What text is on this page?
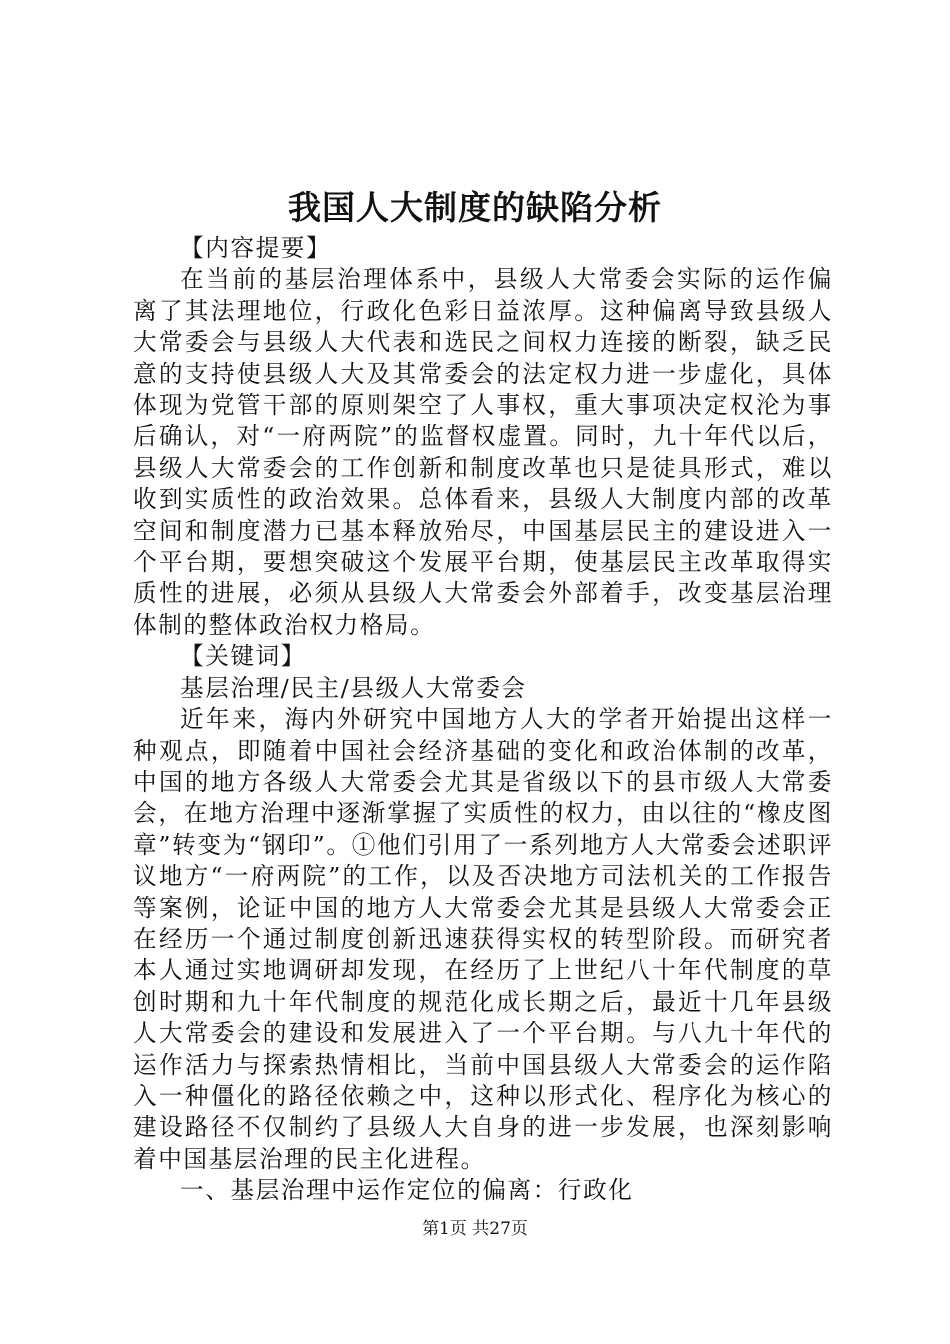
我国人大制度的缺陷分析

【内容提要】

在当前的基层治理体系中，县级人大常委会实际的运作偏离了其法理地位，行政化色彩日益浓厚。这种偏离导致县级人大常委会与县级人大代表和选民之间权力连接的断裂，缺乏民意的支持使县级人大及其常委会的法定权力进一步虚化，具体体现为党管干部的原则架空了人事权，重大事项决定权沦为事后确认，对“一府两院”的监督权虚置。同时，九十年代以后，县级人大常委会的工作创新和制度改革也只是徒具形式，难以收到实质性的政治效果。总体看来，县级人大制度内部的改革空间和制度潜力已基本释放殆尽，中国基层民主的建设进入一个平台期，要想突破这个发展平台期，使基层民主改革取得实质性的进展，必须从县级人大常委会外部着手，改变基层治理体制的整体政治权力格局。

【关键词】

基层治理/民主/县级人大常委会

近年来，海内外研究中国地方人大的学者开始提出这样一种观点，即随着中国社会经济基础的变化和政治体制的改革，中国的地方各级人大常委会尤其是省级以下的县市级人大常委会，在地方治理中逐渐掌握了实质性的权力，由以往的“橡皮图章”转变为“钢印”。①他们引用了一系列地方人大常委会述职评议地方“一府两院”的工作，以及否决地方司法机关的工作报告等案例，论证中国的地方人大常委会尤其是县级人大常委会正在经历一个通过制度创新迅速获得实权的转型阶段。而研究者本人通过实地调研却发现，在经历了上世纪八十年代制度的草创时期和九十年代制度的规范化成长期之后，最近十几年县级人大常委会的建设和发展进入了一个平台期。与八九十年代的运作活力与探索热情相比，当前中国县级人大常委会的运作陷入一种僵化的路径依赖之中，这种以形式化、程序化为核心的建设路径不仅制约了县级人大自身的进一步发展，也深刻影响着中国基层治理的民主化进程。

一、基层治理中运作定位的偏离：行政化

第1页 共27页
